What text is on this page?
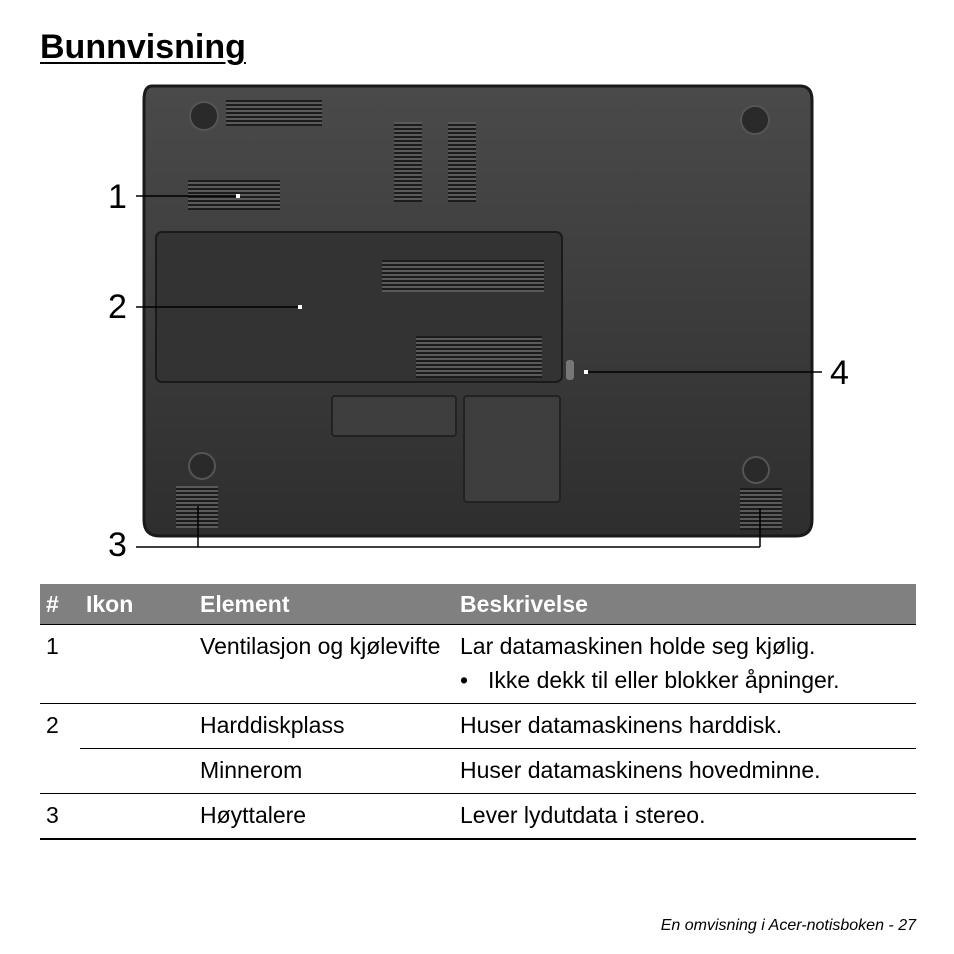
Bunnvisning
1
2
3
4
#	Ikon	Element	Beskrivelse
1		Ventilasjon og kjølevifte	Lar datamaskinen holde seg kjølig.
• Ikke dekk til eller blokker åpninger.

2		Harddiskplass	Huser datamaskinens harddisk.
		Minnerom	Huser datamaskinens hovedminne.
3		Høyttalere	Lever lydutdata i stereo.
En omvisning i Acer-notisboken - 27
